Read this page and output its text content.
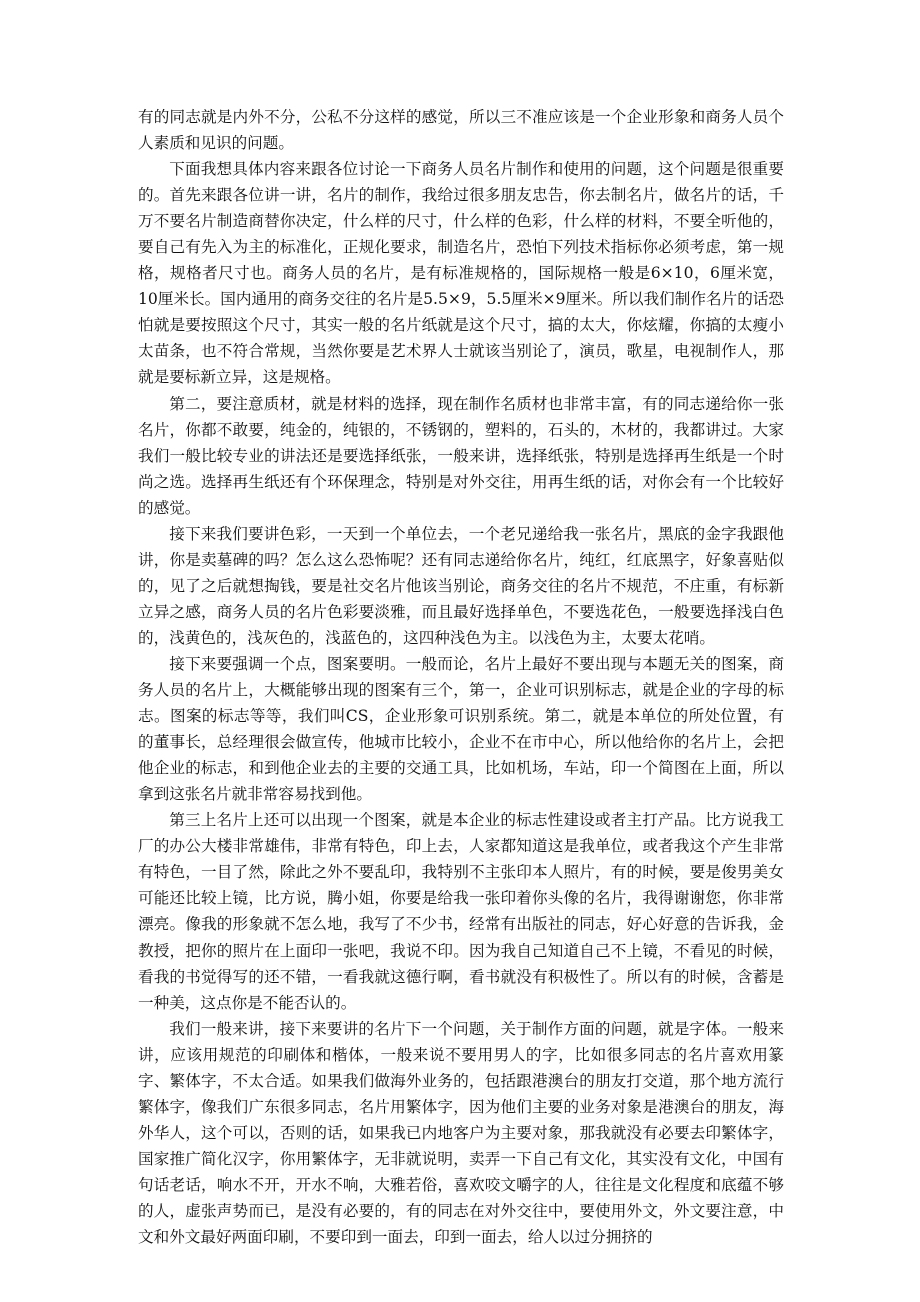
有的同志就是内外不分，公私不分这样的感觉，所以三不准应该是一个企业形象和商务人员个人素质和见识的问题。

下面我想具体内容来跟各位讨论一下商务人员名片制作和使用的问题，这个问题是很重要的。首先来跟各位讲一讲，名片的制作，我给过很多朋友忠告，你去制名片，做名片的话，千万不要名片制造商替你决定，什么样的尺寸，什么样的色彩，什么样的材料，不要全听他的，要自己有先入为主的标准化，正规化要求，制造名片，恐怕下列技术指标你必须考虑，第一规格，规格者尺寸也。商务人员的名片，是有标准规格的，国际规格一般是6×10，6厘米宽，10厘米长。国内通用的商务交往的名片是5.5×9，5.5厘米×9厘米。所以我们制作名片的话恐怕就是要按照这个尺寸，其实一般的名片纸就是这个尺寸，搞的太大，你炫耀，你搞的太瘦小太苗条，也不符合常规，当然你要是艺术界人士就该当别论了，演员，歌星，电视制作人，那就是要标新立异，这是规格。

第二，要注意质材，就是材料的选择，现在制作名质材也非常丰富，有的同志递给你一张名片，你都不敢要，纯金的，纯银的，不锈钢的，塑料的，石头的，木材的，我都讲过。大家我们一般比较专业的讲法还是要选择纸张，一般来讲，选择纸张，特别是选择再生纸是一个时尚之选。选择再生纸还有个环保理念，特别是对外交往，用再生纸的话，对你会有一个比较好的感觉。

接下来我们要讲色彩，一天到一个单位去，一个老兄递给我一张名片，黑底的金字我跟他讲，你是卖墓碑的吗？怎么这么恐怖呢？还有同志递给你名片，纯红，红底黑字，好象喜贴似的，见了之后就想掏钱，要是社交名片他该当别论，商务交往的名片不规范，不庄重，有标新立异之感，商务人员的名片色彩要淡雅，而且最好选择单色，不要选花色，一般要选择浅白色的，浅黄色的，浅灰色的，浅蓝色的，这四种浅色为主。以浅色为主，太要太花哨。

接下来要强调一个点，图案要明。一般而论，名片上最好不要出现与本题无关的图案，商务人员的名片上，大概能够出现的图案有三个，第一，企业可识别标志，就是企业的字母的标志。图案的标志等等，我们叫CS，企业形象可识别系统。第二，就是本单位的所处位置，有的董事长，总经理很会做宣传，他城市比较小，企业不在市中心，所以他给你的名片上，会把他企业的标志，和到他企业去的主要的交通工具，比如机场，车站，印一个简图在上面，所以拿到这张名片就非常容易找到他。

第三上名片上还可以出现一个图案，就是本企业的标志性建设或者主打产品。比方说我工厂的办公大楼非常雄伟，非常有特色，印上去，人家都知道这是我单位，或者我这个产生非常有特色，一目了然，除此之外不要乱印，我特别不主张印本人照片，有的时候，要是俊男美女可能还比较上镜，比方说，腾小姐，你要是给我一张印着你头像的名片，我得谢谢您，你非常漂亮。像我的形象就不怎么地，我写了不少书，经常有出版社的同志，好心好意的告诉我，金教授，把你的照片在上面印一张吧，我说不印。因为我自己知道自己不上镜，不看见的时候，看我的书觉得写的还不错，一看我就这德行啊，看书就没有积极性了。所以有的时候，含蓄是一种美，这点你是不能否认的。

我们一般来讲，接下来要讲的名片下一个问题，关于制作方面的问题，就是字体。一般来讲，应该用规范的印刷体和楷体，一般来说不要用男人的字，比如很多同志的名片喜欢用篆字、繁体字，不太合适。如果我们做海外业务的，包括跟港澳台的朋友打交道，那个地方流行繁体字，像我们广东很多同志，名片用繁体字，因为他们主要的业务对象是港澳台的朋友，海外华人，这个可以，否则的话，如果我已内地客户为主要对象，那我就没有必要去印繁体字，国家推广简化汉字，你用繁体字，无非就说明，卖弄一下自己有文化，其实没有文化，中国有句话老话，响水不开，开水不响，大雅若俗，喜欢咬文嚼字的人，往往是文化程度和底蕴不够的人，虚张声势而已，是没有必要的，有的同志在对外交往中，要使用外文，外文要注意，中文和外文最好两面印刷，不要印到一面去，印到一面去，给人以过分拥挤的
